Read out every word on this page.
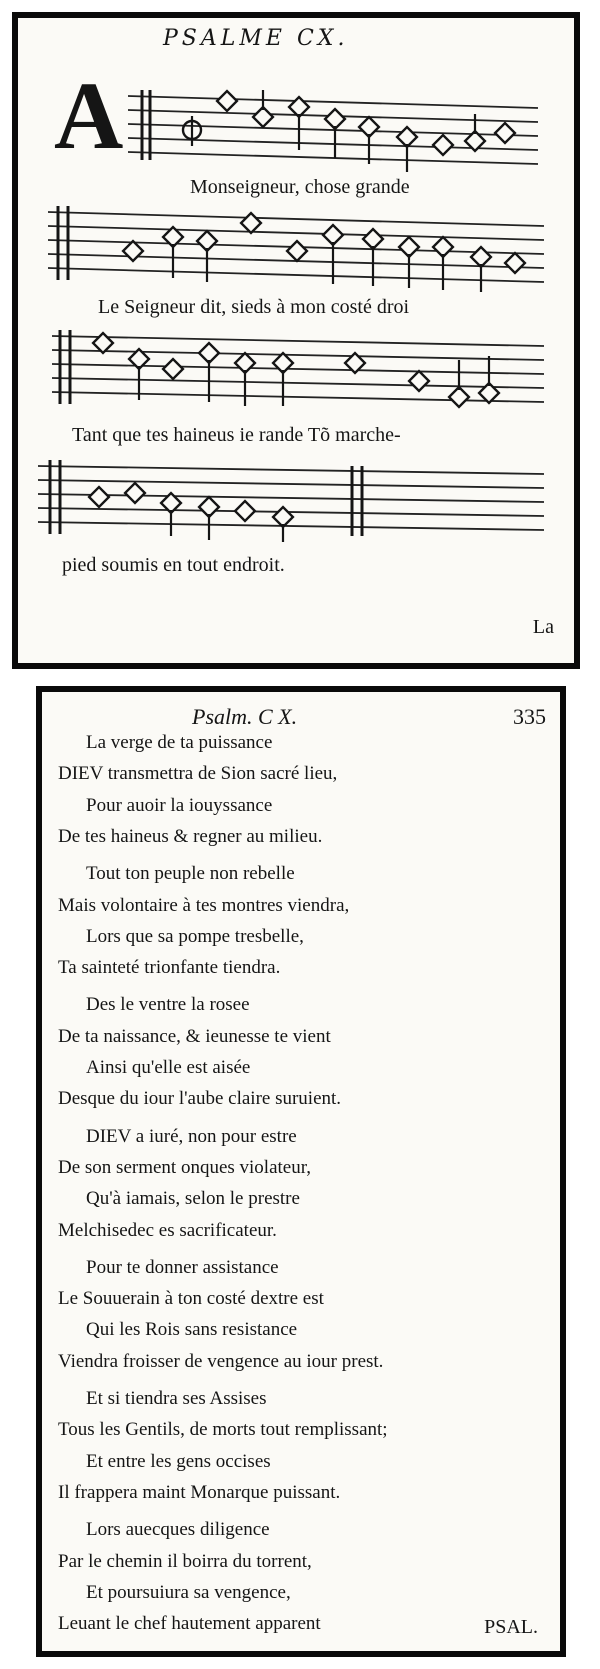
PSALME CX.
A
Monseigneur, chose grande
Le Seigneur dit, sieds à mon costé droi
Tant que tes haineus ie rande Tõ marche-
pied soumis en tout endroit.
La
Psalm. C X.	335
La verge de ta puissance
DIEV transmettra de Sion sacré lieu,
Pour auoir la iouyssance
De tes haineus & regner au milieu.
Tout ton peuple non rebelle
Mais volontaire à tes montres viendra,
Lors que sa pompe tresbelle,
Ta sainteté trionfante tiendra.
Des le ventre la rosee
De ta naissance, & ieunesse te vient
Ainsi qu'elle est aisée
Desque du iour l'aube claire suruient.
DIEV a iuré, non pour estre
De son serment onques violateur,
Qu'à iamais, selon le prestre
Melchisedec es sacrificateur.
Pour te donner assistance
Le Souuerain à ton costé dextre est
Qui les Rois sans resistance
Viendra froisser de vengence au iour prest.
Et si tiendra ses Assises
Tous les Gentils, de morts tout remplissant;
Et entre les gens occises
Il frappera maint Monarque puissant.
Lors auecques diligence
Par le chemin il boirra du torrent,
Et poursuiura sa vengence,
Leuant le chef hautement apparent	PSAL.
